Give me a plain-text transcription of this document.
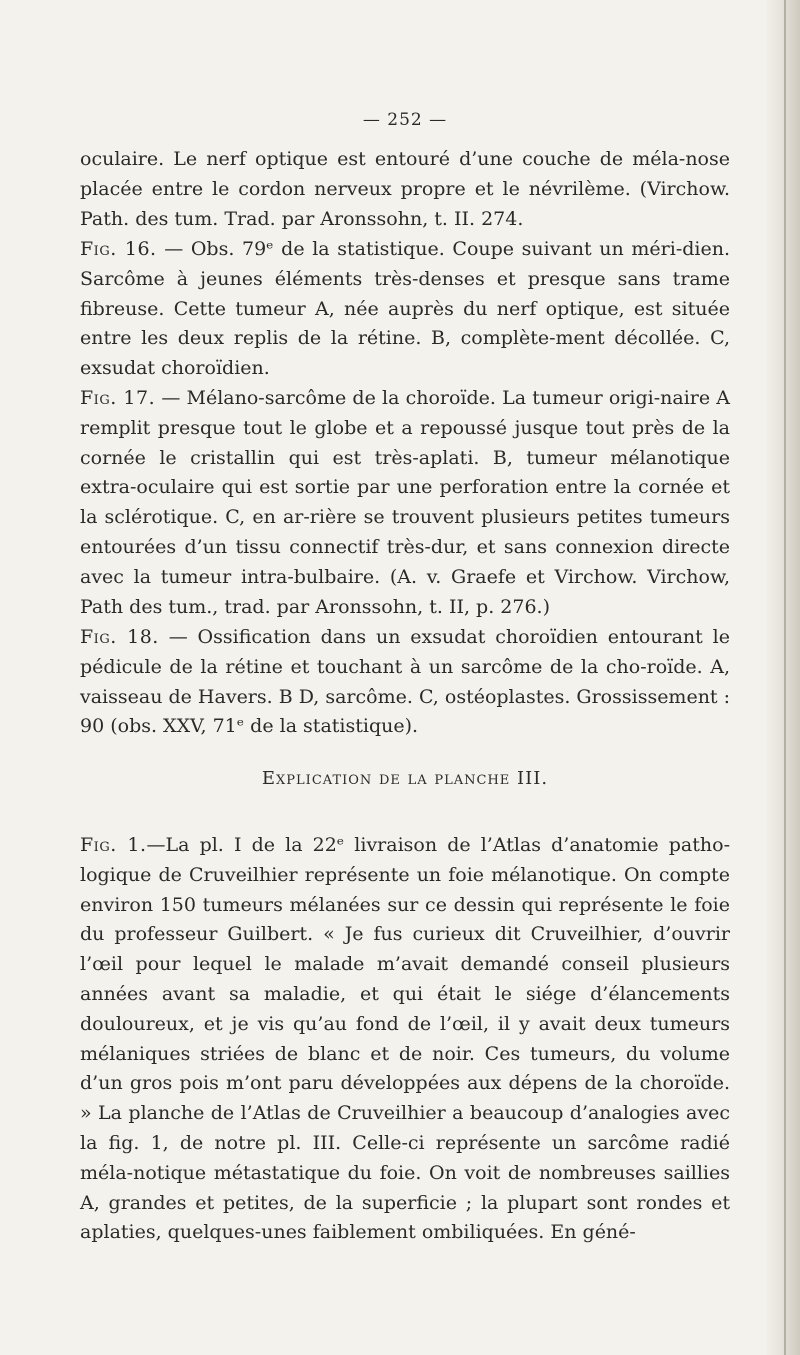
— 252 —
oculaire. Le nerf optique est entouré d’une couche de méla-nose placée entre le cordon nerveux propre et le névrilème. (Virchow. Path. des tum. Trad. par Aronssohn, t. II. 274.
Fig. 16. — Obs. 79ᵉ de la statistique. Coupe suivant un méri-dien. Sarcôme à jeunes éléments très-denses et presque sans trame fibreuse. Cette tumeur A, née auprès du nerf optique, est située entre les deux replis de la rétine. B, complète-ment décollée. C, exsudat choroïdien.
Fig. 17. — Mélano-sarcôme de la choroïde. La tumeur origi-naire A remplit presque tout le globe et a repoussé jusque tout près de la cornée le cristallin qui est très-aplati. B, tumeur mélanotique extra-oculaire qui est sortie par une perforation entre la cornée et la sclérotique. C, en ar-rière se trouvent plusieurs petites tumeurs entourées d’un tissu connectif très-dur, et sans connexion directe avec la tumeur intra-bulbaire. (A. v. Graefe et Virchow. Virchow, Path des tum., trad. par Aronssohn, t. II, p. 276.)
Fig. 18. — Ossification dans un exsudat choroïdien entourant le pédicule de la rétine et touchant à un sarcôme de la cho-roïde. A, vaisseau de Havers. B D, sarcôme. C, ostéoplastes. Grossissement : 90 (obs. XXV, 71ᵉ de la statistique).
Explication de la planche III.
Fig. 1.—La pl. I de la 22ᵉ livraison de l’Atlas d’anatomie patho-logique de Cruveilhier représente un foie mélanotique. On compte environ 150 tumeurs mélanées sur ce dessin qui représente le foie du professeur Guilbert. « Je fus curieux dit Cruveilhier, d’ouvrir l’œil pour lequel le malade m’avait demandé conseil plusieurs années avant sa maladie, et qui était le siége d’élancements douloureux, et je vis qu’au fond de l’œil, il y avait deux tumeurs mélaniques striées de blanc et de noir. Ces tumeurs, du volume d’un gros pois m’ont paru développées aux dépens de la choroïde. » La planche de l’Atlas de Cruveilhier a beaucoup d’analogies avec la fig. 1, de notre pl. III. Celle-ci représente un sarcôme radié méla-notique métastatique du foie. On voit de nombreuses saillies A, grandes et petites, de la superficie ; la plupart sont rondes et aplaties, quelques-unes faiblement ombiliquées. En géné-
